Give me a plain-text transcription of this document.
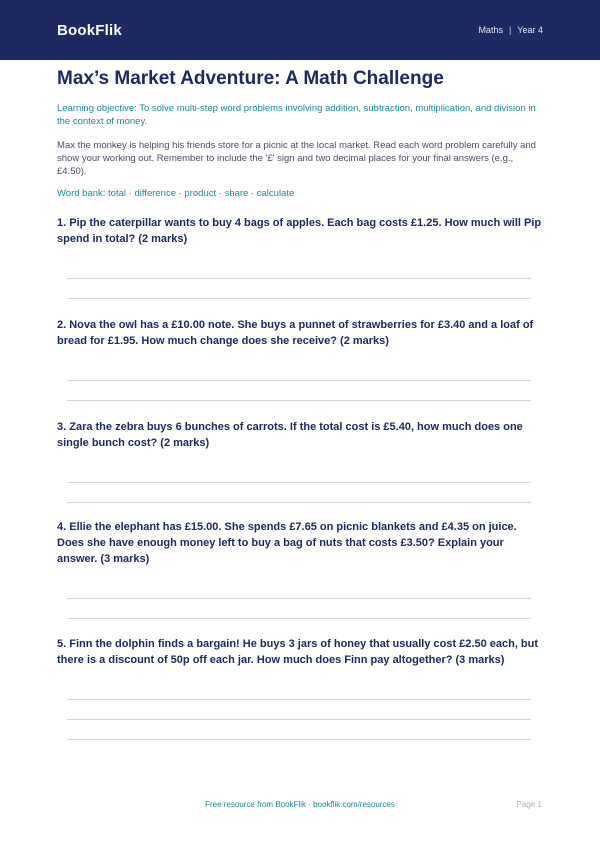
BookFlik	Maths | Year 4
Max’s Market Adventure: A Math Challenge
Learning objective: To solve multi-step word problems involving addition, subtraction, multiplication, and division in the context of money.
Max the monkey is helping his friends store for a picnic at the local market. Read each word problem carefully and show your working out. Remember to include the '£' sign and two decimal places for your final answers (e.g., £4.50).
Word bank: total · difference · product · share · calculate
1. Pip the caterpillar wants to buy 4 bags of apples. Each bag costs £1.25. How much will Pip spend in total? (2 marks)
2. Nova the owl has a £10.00 note. She buys a punnet of strawberries for £3.40 and a loaf of bread for £1.95. How much change does she receive? (2 marks)
3. Zara the zebra buys 6 bunches of carrots. If the total cost is £5.40, how much does one single bunch cost? (2 marks)
4. Ellie the elephant has £15.00. She spends £7.65 on picnic blankets and £4.35 on juice. Does she have enough money left to buy a bag of nuts that costs £3.50? Explain your answer. (3 marks)
5. Finn the dolphin finds a bargain! He buys 3 jars of honey that usually cost £2.50 each, but there is a discount of 50p off each jar. How much does Finn pay altogether? (3 marks)
Free resource from BookFlik · bookflik.com/resources	Page 1
